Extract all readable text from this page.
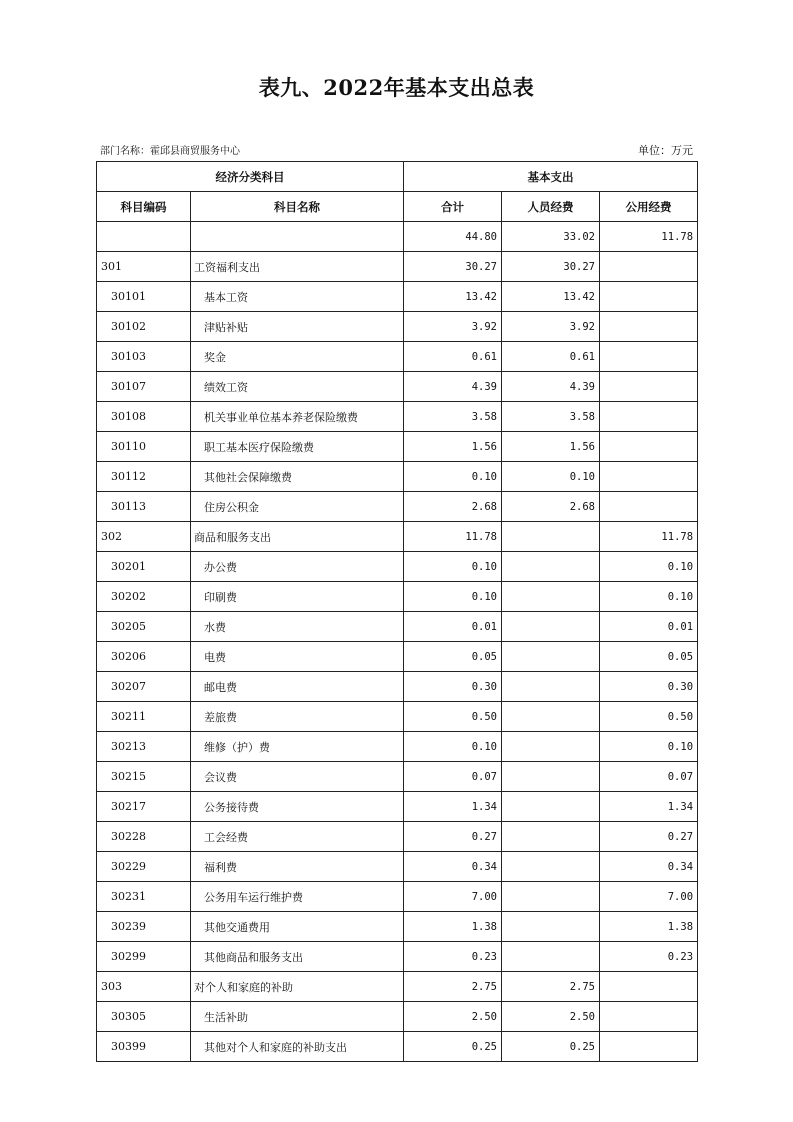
表九、2022年基本支出总表
部门名称：霍邱县商贸服务中心	单位：万元
经济分类科目		基本支出		
科目编码	科目名称	合计	人员经费	公用经费
		44.80	33.02	11.78
301	工资福利支出	30.27	30.27	
30101	基本工资	13.42	13.42	
30102	津贴补贴	3.92	3.92	
30103	奖金	0.61	0.61	
30107	绩效工资	4.39	4.39	
30108	机关事业单位基本养老保险缴费	3.58	3.58	
30110	职工基本医疗保险缴费	1.56	1.56	
30112	其他社会保障缴费	0.10	0.10	
30113	住房公积金	2.68	2.68	
302	商品和服务支出	11.78		11.78
30201	办公费	0.10		0.10
30202	印刷费	0.10		0.10
30205	水费	0.01		0.01
30206	电费	0.05		0.05
30207	邮电费	0.30		0.30
30211	差旅费	0.50		0.50
30213	维修（护）费	0.10		0.10
30215	会议费	0.07		0.07
30217	公务接待费	1.34		1.34
30228	工会经费	0.27		0.27
30229	福利费	0.34		0.34
30231	公务用车运行维护费	7.00		7.00
30239	其他交通费用	1.38		1.38
30299	其他商品和服务支出	0.23		0.23
303	对个人和家庭的补助	2.75	2.75	
30305	生活补助	2.50	2.50	
30399	其他对个人和家庭的补助支出	0.25	0.25	
